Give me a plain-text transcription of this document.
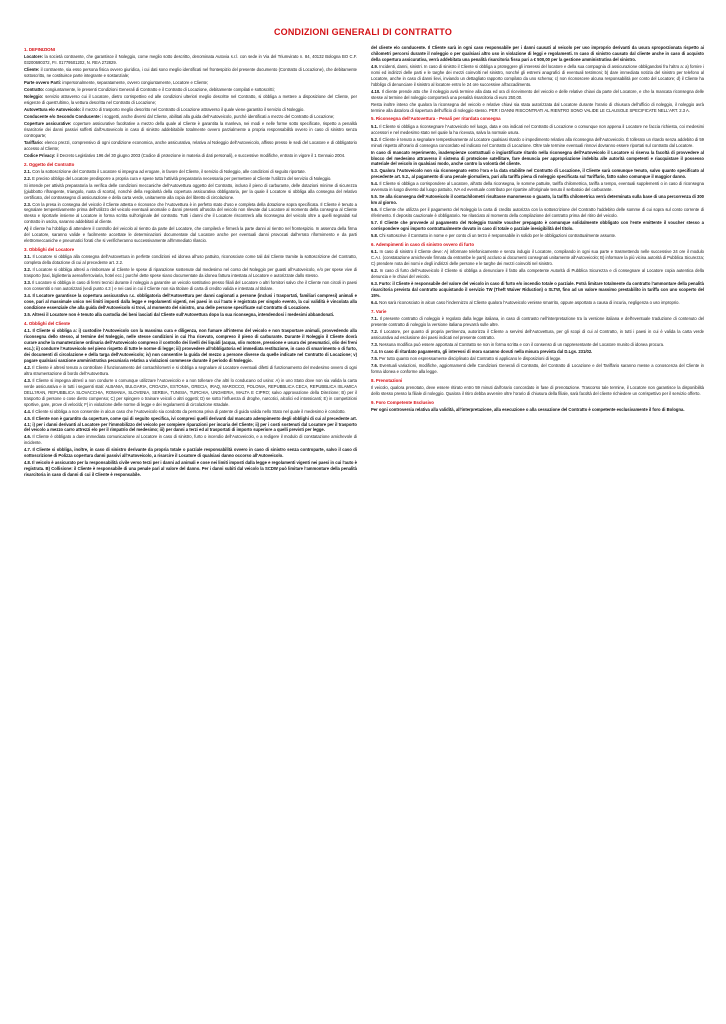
CONDIZIONI GENERALI DI CONTRATTO
1. DEFINIZIONI
Locatore: la società contraente, che garantisce il Noleggio, come meglio sotto descritto, denominata Autovia s.r.l. con sede in Via del Triumvirato n. 84, 40132 Bologna BO C.F. 03200690372, P.I. 01779501202, N. REA 272829.
Cliente: il contraente, sia esso persona fisica ovvero giuridica, i cui dati sono meglio identificati nel frontespizio del presente documento (Contratto di Locazione), che debitamente sottoscritto, ne costituisce parte integrante e sostanziale;
Parte ovvero Parti: impersonalmente, separatamente, ovvero congiuntamente, Locatore e Cliente;
Contratto: congiuntamente, le presenti Condizioni Generali di Contratto e il Contratto di Locazione, debitamente compilati e sottoscritti;
Noleggio: servizio attraverso cui il Locatore, dietro corrispettivo ed alle condizioni ulteriori meglio descritte nel Contratto, si obbliga a mettere a disposizione del Cliente, per esigenze di quest'ultimo, la vettura descritta nel Contratto di Locazione;
Autovettura e/o Autoveicolo: il mezzo di trasporto meglio descritto nel Contratto di Locazione attraverso il quale viene garantito il servizio di Noleggio.
Conducente e/o Secondo Conducente: i soggetti, anche diversi dal Cliente, abilitati alla guida dell'Autoveicolo, purché identificati a mezzo del Contratto di Locazione;
Coperture assicurative: coperture assicurative facoltative a mezzo della quale al Cliente è garantita la manleva, nei modi e nelle forme sotto specificate, rispetto a penalità risarcitorie dei danni passivi sofferti dall'Autoveicolo in caso di sinistro addebitabile totalmente ovvero parzialmente a propria responsabilità ovvero in caso di sinistro senza controparte;
Tariffario: elenco prezzi, comprensivo di ogni condizione economica, anche assicurativa, relativa al Noleggio dell'Autoveicolo, affisso presso le sedi del Locatore e di obbligatorio accesso al Cliente;
Codice Privacy: il Decreto Legislativo 196 del 30 giugno 2003 (Codice di protezione in materia di dati personali), e successive modifiche, entrato in vigore il 1 Gennaio 2004.
2. Oggetto del Contratto
2.1. Con la sottoscrizione del Contratto il Locatore si impegna ad erogare, in favore del Cliente, il servizio di Noleggio, alle condizioni di seguito riportate.
2.2. E preciso obbligo del Locatore predisporre a propria cura e spese tutta l'attività preparatoria necessaria per permettere al Cliente l'utilizzo del servizio di Noleggio.
Si intende per attività preparatoria la verifica delle condizioni meccaniche dell'Autovettura oggetto del Contratto, incluso il pieno di carburante, delle dotazioni minime di sicurezza (giubbotto rifrangente, triangolo, ruota di scorta), nonché della regolarità della copertura assicurativa obbligatoria, per la quale il Locatore si obbliga alla consegna del relativo certificato, del contrassegno di assicurazione e della carta verde, unitamente alla copia del libretto di circolazione.
2.3. Con la presa in consegna del veicolo il Cliente attesta e riconosce che l'Autovettura è in perfetto stato d'uso e completa della dotazione sopra specificata. Il Cliente è tenuto a segnalare tempestivamente prima dell'utilizzo del veicolo eventuali anomalie o danni presenti all'uscita del veicolo non rilevate dal Locatore al momento della consegna al Cliente stesso e riportarle insieme al Locatore in forma scritta sull'originale del contratto. Tutti i danni che il Locatore riscontrerà alla riconsegna del veicolo oltre a quelli segnalati sul contratto in uscita, saranno addebitati al cliente.
A) il cliente ha l'obbligo di attendere il controllo del veicolo al rientro da parte del Locatore, che compilerà e firmerà la parte danni al rientro nel frontespizio. In assenza della firma del Locatore, saranno valide e facilmente accettate le determinazioni documentate dal Locatore anche per eventuali danni provocati dall'errato riformimento e da parti elettromeccaniche e pneumatici forati che si verificheranno successivamente all'immediato rilascio.
3. Obblighi del Locatore
3.1. Il Locatore si obbliga alla consegna dell'Autovettura in perfette condizioni ed idonea all'uso pattuito, riconosciute come tali dal Cliente tramite la sottoscrizione del Contratto, completa della dotazione di cui al precedente art. 2.2.
3.2. Il Locatore si obbliga altresì a rimborsare al Cliente le spese di riparazione sostenute dal medesimo nel corso del Noleggio per guasti all'Autoveicolo, e/o per spese vive di trasporto (taxi, biglietteria aerea/ferroviaria, hotel ecc.) purché dette spese siano documentate da idonea fattura intestata al Locatore e autorizzate dallo stesso.
3.3. Il Locatore si obbliga in caso di fermi tecnici durante il noleggio a garantire un veicolo sostitutivo presso filiali del Locatore o altri fornitori salvo che il Cliente non circoli in paesi non consentiti o non autorizzati (vedi punto 4.3 ) e nei casi in cui il Cliente non sia titolare di carta di credito valida e intestata al titolare.
3.4. Il Locatore garantisce la copertura assicurativa r.c. obbligatoria dell'Autovettura per danni cagionati a persone (inclusi i trasportati, familiari compresi) animali e cose, pari al massimale unico nei limiti imposti dalla legge e regolamenti vigenti, nei paesi in cui l'auto è registrata per singolo evento, la cui validità è vincolata alla condizione essenziale che alla guida dell'Autoveicolo si trovi, al momento del sinistro, una delle persone specificate sul Contratto di Locazione.
3.5. Altresì il Locatore non è tenuto alla custodia dei beni lasciati dal Cliente sull'Autovettura dopo la sua riconsegna, intendendosi i medesimi abbandonati.
4. Obblighi del Cliente
4.1. Il Cliente si obbliga a: i) custodire l'Autoveicolo con la massima cura e diligenza, non fumare all'interno del veicolo e non trasportare animali, provvedendo alla riconsegna dello stesso, al termine del Noleggio, nelle stesse condizioni in cui l'ha ricevuto, compreso il pieno di carburante. Durante il Noleggio il Cliente dovrà curare anche la manutenzione ordinaria dell'Autoveicolo compreso il controllo dei livelli dei liquidi (acqua, olio motore, pressione e usura dei pneumatici, olio dei freni ecc.); ii) condurre l'Autoveicolo nel pieno rispetto di tutte le norme di legge; iii) provvedere all'obbligatoria ed immediata restituzione, in caso di smarrimento o di furto, dei documenti di circolazione e della targa dell'Autoveicolo; iv) non consentire la guida del mezzo a persone diverse da quelle indicate nel Contratto di Locazione; v) pagare qualsiasi sanzione amministrativa pecuniaria relativa a violazioni commesse durante il periodo di Noleggio.
4.2. Il Cliente è altresì tenuto a controllare il funzionamento del contachilometri e si obbliga a segnalare al Locatore eventuali difetti di funzionamento del medesimo ovvero di ogni altra strumentazione di bordo dell'Autovettura.
4.3. Il Cliente si impegna altresì a non condurre o comunque utilizzare l'Autoveicolo e a non tollerare che altri lo conducano od usino: A) in uno Stato dove non sia valida la carta verde assicurativa e in tutti i seguenti stati: ALBANIA, BULGARIA, CROAZIA, ESTONIA, GRECIA, IRAQ, MAROCCO, POLONIA, REPUBBLICA CECA, REPUBBLICA ISLAMICA DELL'IRAN, REPUBBLICA SLOVACCHIA, ROMANIA, SLOVENIA, SERBIA, TUNISIA, TURCHIA, UNGHERIA, MALTA E CIPRO; salvo approvazione della Direzione; B) per il trasporto di persone o cose dietro compenso; C) per spingere o trainare veicoli o altri oggetti; D) se sotto l'influenza di droghe, narcotici, alcolici ed intossicanti; E) in competizioni sportive, gare, prove di velocità; F) in violazione delle norme di legge e dei regolamenti di circolazione stradale.
4.4. Il Cliente si obbliga a non consentire in alcun caso che l'Autoveicolo sia condotto da persona priva di patente di guida valida nello Stato nel quale il medesimo è condotto.
4.5. Il Cliente non è garantito da coperture, come qui di seguito specifica, ivi compresi quelli derivanti dal mancato adempimento degli obblighi di cui al precedente art. 4.1; i) per i danni derivanti al Locatore per l'immobilizzo del veicolo per compiere riparazioni per incuria del Cliente; ii) per i costi sostenuti dal Locatore per il trasporto del veicolo a mezzo carro attrezzi e/o per il rimpatrio del medesimo; iii) per danni a terzi ed al trasportati di importo superiore a quelli previsti per legge.
4.6. Il Cliente è obbligato a dare immediata comunicazione al Locatore in caso di sinistro, furto o incendio dell'Autoveicolo, e a redigere il modulo di constatazione amichevole di incidente.
4.7. Il Cliente si obbliga, inoltre, in caso di sinistro derivante da propria totale o parziale responsabilità ovvero in caso di sinistro senza controparte, salvo il caso di sottoscrizione di Polizza copertura danni passivi all'Autoveicolo, a risarcire il Locatore di qualsiasi danno occorso all'Autoveicolo.
4.8. Il veicolo è assicurato per la responsabilità civile verso terzi per i danni ad animali e cose nei limiti imposti dalla legge e regolamenti vigenti nei paesi in cui l'auto è registrata. B) Collisione: il Cliente è responsabile di una penale pari al valore del danno. Per i danni subiti dal veicolo la SCDW può limitare l'ammontare della penalità risarcitoria in caso di danni di cui il Cliente è responsabile.
del cliente e/o conducente. Il Cliente sarà in ogni caso responsabile per i danni causati al veicolo per uso improprio derivanti da usura sproporzionata rispetto ai chilometri percorsi durante il noleggio o per qualsiasi altro uso in violazione di leggi e regolamenti. In caso di sinistro causato dal cliente anche in caso di acquisto della copertura assicurativa, verrà addebitata una penalità risarcitoria fissa pari a € 500,00 per la gestione amministrativa del sinistro.
4.9. Incidenti, danni, sinistri. In caso di sinistro il Cliente si obbliga a proteggere gli interessi del locatore e della sua compagnia di assicurazione obbligandosi fra l'altro a: a) fornire i nomi ed indirizzi delle parti e le targhe dei mezzi coinvolti nel sinistro, nonché gli estremi anagrafici di eventuali testimoni; b) dare immediata notizia del sinistro per telefono al Locatore, anche in caso di danni lievi, inviando un dettagliato rapporto compilato da uno schema; c) non riconoscere alcuna responsabilità per conto del Locatore; d) il Cliente ha l'obbligo di denunciare il sinistro al locatore entro le 24 ore successive all'accadimento.
4.10. Il cliente prende atto che il noleggio avrà termine alla data ed ora di ricevimento del veicolo e delle relative chiavi da parte del Locatore, e che la mancata riconsegna delle stesse al termine del noleggio comporterà una penalità risarcitoria di euro 250,00.
Resta inoltre inteso che qualora la riconsegna del veicolo e relative chiavi sia stata autorizzata dal Locatore durante l'orario di chiusura dell'ufficio di noleggio, il noleggio avrà termine alla data/ora di riapertura dell'ufficio di noleggio stesso. PER I DANNI RISCONTRATI AL RIENTRO SONO VALIDE LE CLAUSOLE SPECIFICATE NELL'ART. 2.3 A.
5. Riconsegna dell'Autovettura - Penali per ritardata consegna
5.1. Il Cliente si obbliga a riconsegnare l'Autoveicolo nel luogo, data e ora indicati nel Contratto di Locazione o comunque non appena il Locatore ne faccia richiesta, coi medesimi accessori e nel medesimo stato nel quale la ha ricevuta, salva la normale usura.
5.2. Il Cliente è tenuto a segnalare tempestivamente al Locatore qualsiasi ritardo o impedimento relativo alla riconsegna dell'Autoveicolo. È tollerato un ritardo senza addebito di 59 minuti rispetto all'orario di consegna concordato ed indicato nel Contratto di Locazione. Oltre tale termine eventuali rinnovi dovranno essere riportati sul contratto dal Locatore.
In caso di mancato reperimento, inadempienze contrattuali o ingiustificate ritardo nella riconsegna dell'Autoveicolo il Locatore si riserva la facoltà di provvedere al blocco del medesimo attraverso il sistema di protezione satellitare, fare denuncia per appropriazione indebita alle autorità competenti e riacquistare il possesso materiale del veicolo in qualsiasi modo, anche contro la volontà del cliente.
5.3. Qualora l'Autoveicolo non sia riconsegnato entro l'ora e la data stabilite nel Contratto di Locazione, il Cliente sarà comunque tenuto, salvo quanto specificato al precedente art. 5.2., al pagamento di una penale giornaliera, pari alla tariffa piena di noleggio specificata sul Tariffario, fatto salvo comunque il maggior danno.
5.4. Il Cliente si obbliga a corrispondere al Locatore, all'atto della riconsegna, le somme pattuite, tariffa chilometrica, tariffa a tempo, eventuali supplementi o in caso di riconsegna avvenuta in luogo diverso dal luogo pattuito, IVA ed eventuale contributo per ripartire all'originale tenuto il serbatoio del carburante.
5.5. Se alla riconsegna dell'Autoveicolo il contachilometri risultasse manomesso o guasto, la tariffa chilometrica verrà determinata sulla base di una percorrenza di 300 km al giorno.
5.6. Il Cliente che utilizza per il pagamento del Noleggio la carta di credito autorizza con la sottoscrizione del Contratto l'addebito delle somme di cui sopra sul conto corrente di riferimento. Il deposito cauzionale è obbligatorio. Ne rilasciato al momento della compilazione del contratto prima del ritiro del veicolo.
5.7. Il Cliente che provvede al pagamento del Noleggio tramite voucher prepagato è comunque solidalmente obbligato con l'ente emittente il voucher stesso a corrispondere ogni importo contrattualmente dovuto in caso di totale o parziale inesigibilità del titolo.
5.8. Chi sottoscrive il Contratto in nome e per conto di un terzo è responsabile in solido per le obbligazioni contrattualmente assunte.
6. Adempimenti in caso di sinistro ovvero di furto
6.1. In caso di sinistro il Cliente deve: A) informare telefonicamente e senza indugio il Locatore, compilando in ogni sua parte e trasmettendo nelle successive 24 ore il modulo C.A.I. (constatazione amichevole firmata da entrambe le parti) accluso ai documenti consegnati unitamente all'Autoveicolo; B) informare la più vicina autorità di Pubblica Sicurezza; C) prendere nota dei nomi e degli indirizzi delle persone e le targhe dei mezzi coinvolti nel sinistro.
6.2. In caso di furto dell'Autoveicolo il Cliente si obbliga a denunciare il fatto alla competente Autorità di Pubblica Sicurezza e di consegnare al Locatore copia autentica della denuncia e le chiavi del veicolo.
6.3. Furto: il Cliente è responsabile del valore del veicolo in caso di furto e/o incendio totale o parziale. Potrà limitare totalmente da contratto l'ammontare della penalità risarcitoria prevista dal contratto acquistando il servizio TW (Theft Waiver Riduction) o SLTW, fino ad un valore massimo prestabilito in tariffa con uno scoperto del 15%.
6.4. Non sarà riconosciuto in alcun caso l'indennizzo al Cliente qualora l'Autoveicolo venisse smarrito, oppure asportato a causa di incuria, negligenza o uso improprio.
7. Varie
7.1. Il presente contratto di noleggio è regolato dalla legge italiana, in caso di contrasto nell'interpretazione tra la versione italiana e dell'eventuale traduzione di contenuto del presente contratto di noleggio la versione italiana prevarrà sulle altre.
7.2. Il Locatore, per quanto di propria pertinenza, autorizza il Cliente a servirsi dell'Autovettura, per gli scopi di cui al Contratto, in tutti i paesi in cui è valida la carta verde assicurativa ad esclusione dei paesi indicati nel presente contratto.
7.3. Nessuna modifica può essere apportata al Contratto se non in forma scritta e con il consenso di un rappresentante del Locatore munito di idonea procura.
7.4. In caso di ritardato pagamento, gli interessi di mora saranno dovuti nella misura prevista dal D.Lgs. 231/02.
7.5. Per tutto quanto non espressamente disciplinato dal Contratto si applicano le disposizioni di legge.
7.6. Eventuali variazioni, modifiche, aggiornamenti delle Condizioni Generali di Contratto, del Contratto di Locazione e del Tariffario saranno messe a conoscenza del Cliente in forma idonea e conforme alla legge.
8. Prenotazioni
Il veicolo, qualora prenotato, deve essere ritirato entro 59 minuti dall'orario concordato in fase di prenotazione. Trascorso tale termine, il Locatore non garantisce la disponibilità dello stesso presso la filiale di noleggio. Qualora il ritiro debba avvenire oltre l'orario di chiusura della filiale, sarà facoltà del cliente richiedere un corrispettivo per il servizio offerto.
9. Foro Competente Esclusivo
Per ogni controversia relativa alla validità, all'interpretazione, alla esecuzione o alla cessazione del Contratto è competente esclusivamente il foro di Bologna.
